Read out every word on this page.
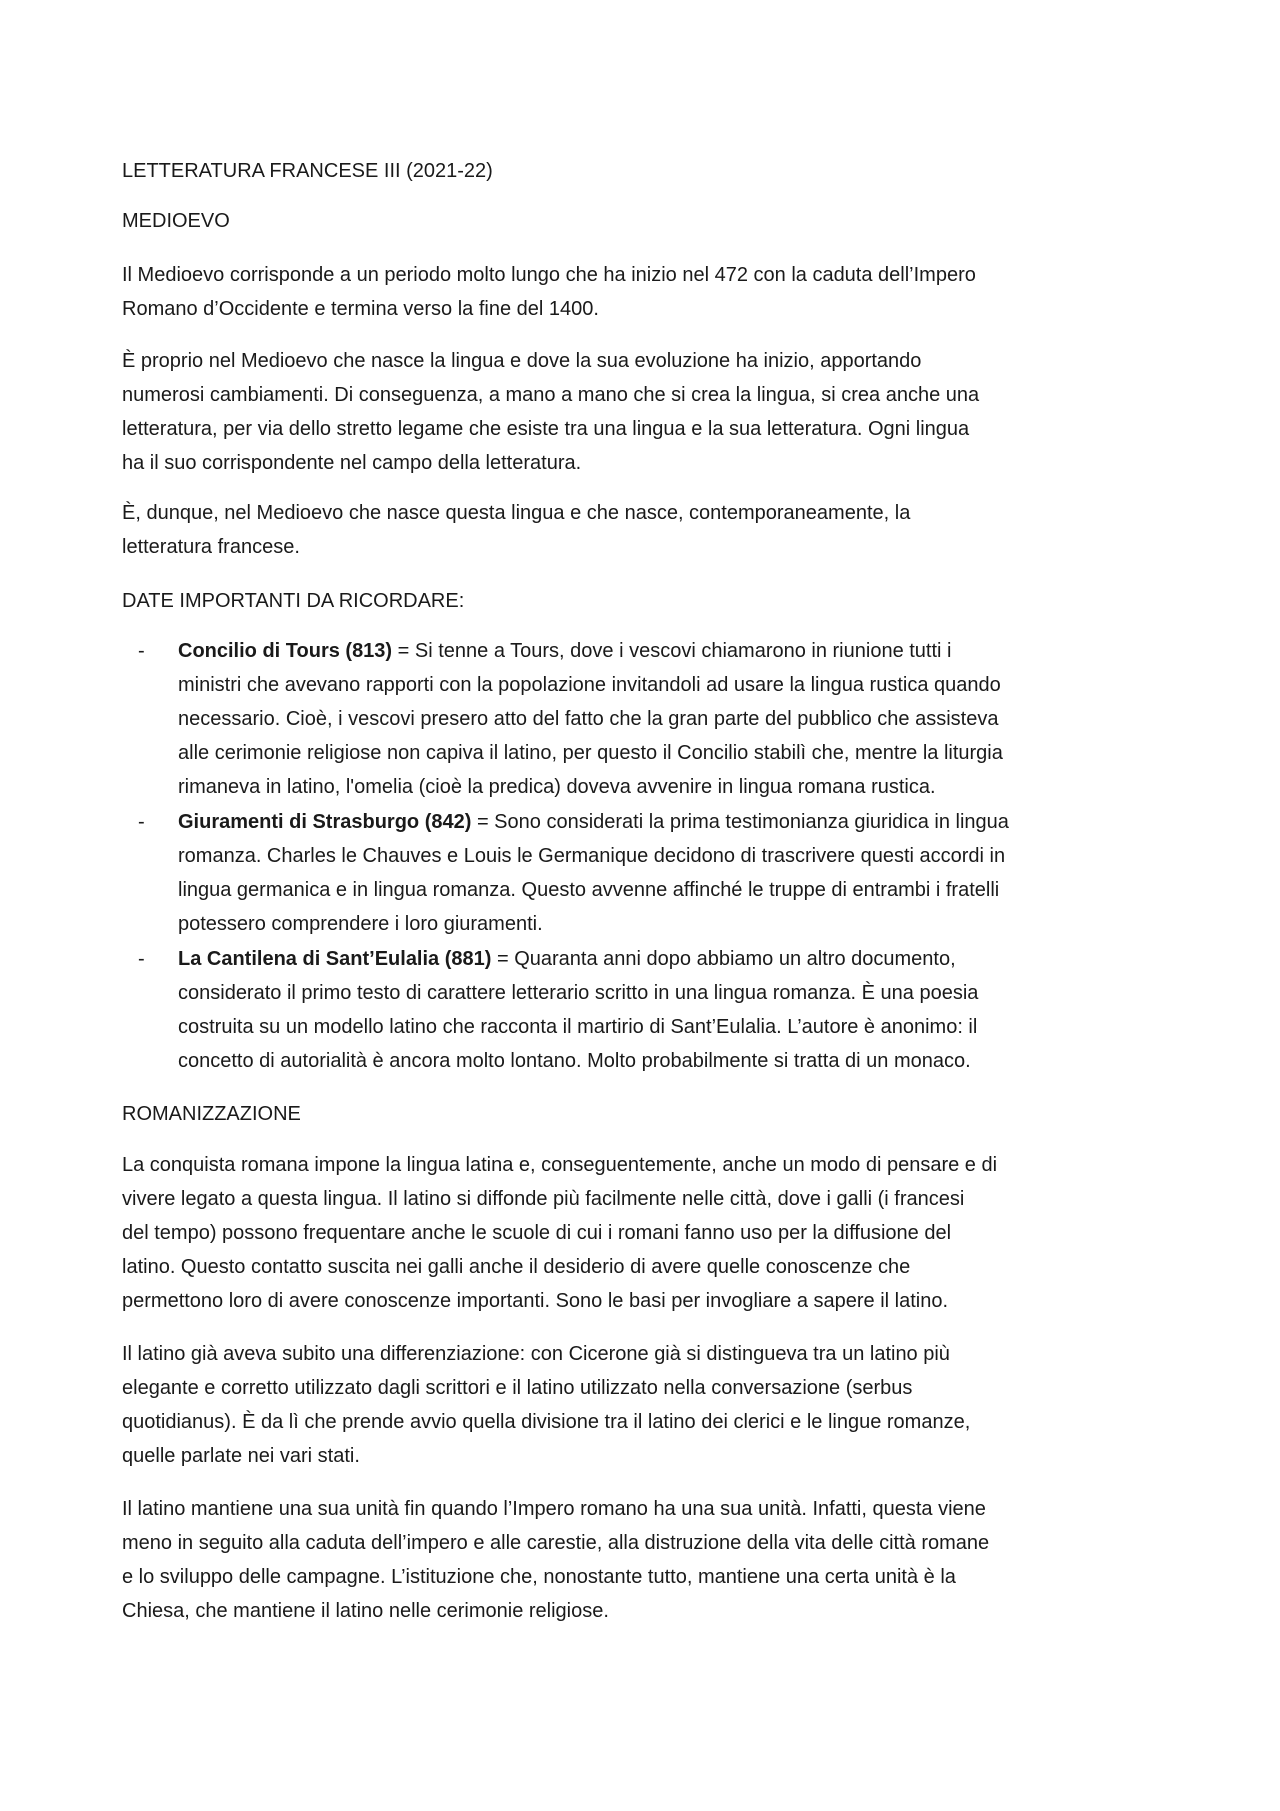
LETTERATURA FRANCESE III (2021-22)
MEDIOEVO
Il Medioevo corrisponde a un periodo molto lungo che ha inizio nel 472 con la caduta dell’Impero
Romano d’Occidente e termina verso la fine del 1400.
È proprio nel Medioevo che nasce la lingua e dove la sua evoluzione ha inizio, apportando
numerosi cambiamenti. Di conseguenza, a mano a mano che si crea la lingua, si crea anche una
letteratura, per via dello stretto legame che esiste tra una lingua e la sua letteratura. Ogni lingua
ha il suo corrispondente nel campo della letteratura.
È, dunque, nel Medioevo che nasce questa lingua e che nasce, contemporaneamente, la
letteratura francese.
DATE IMPORTANTI DA RICORDARE:
- Concilio di Tours (813) = Si tenne a Tours, dove i vescovi chiamarono in riunione tutti i
ministri che avevano rapporti con la popolazione invitandoli ad usare la lingua rustica quando
necessario. Cioè, i vescovi presero atto del fatto che la gran parte del pubblico che assisteva
alle cerimonie religiose non capiva il latino, per questo il Concilio stabilì che, mentre la liturgia
rimaneva in latino, l'omelia (cioè la predica) doveva avvenire in lingua romana rustica.
- Giuramenti di Strasburgo (842) = Sono considerati la prima testimonianza giuridica in lingua
romanza. Charles le Chauves e Louis le Germanique decidono di trascrivere questi accordi in
lingua germanica e in lingua romanza. Questo avvenne affinché le truppe di entrambi i fratelli
potessero comprendere i loro giuramenti.
- La Cantilena di Sant’Eulalia (881) = Quaranta anni dopo abbiamo un altro documento,
considerato il primo testo di carattere letterario scritto in una lingua romanza. È una poesia
costruita su un modello latino che racconta il martirio di Sant’Eulalia. L’autore è anonimo: il
concetto di autorialità è ancora molto lontano. Molto probabilmente si tratta di un monaco.
ROMANIZZAZIONE
La conquista romana impone la lingua latina e, conseguentemente, anche un modo di pensare e di
vivere legato a questa lingua. Il latino si diffonde più facilmente nelle città, dove i galli (i francesi
del tempo) possono frequentare anche le scuole di cui i romani fanno uso per la diffusione del
latino. Questo contatto suscita nei galli anche il desiderio di avere quelle conoscenze che
permettono loro di avere conoscenze importanti. Sono le basi per invogliare a sapere il latino.
Il latino già aveva subito una differenziazione: con Cicerone già si distingueva tra un latino più
elegante e corretto utilizzato dagli scrittori e il latino utilizzato nella conversazione (serbus
quotidianus). È da lì che prende avvio quella divisione tra il latino dei clerici e le lingue romanze,
quelle parlate nei vari stati.
Il latino mantiene una sua unità fin quando l’Impero romano ha una sua unità. Infatti, questa viene
meno in seguito alla caduta dell’impero e alle carestie, alla distruzione della vita delle città romane
e lo sviluppo delle campagne. L’istituzione che, nonostante tutto, mantiene una certa unità è la
Chiesa, che mantiene il latino nelle cerimonie religiose.
